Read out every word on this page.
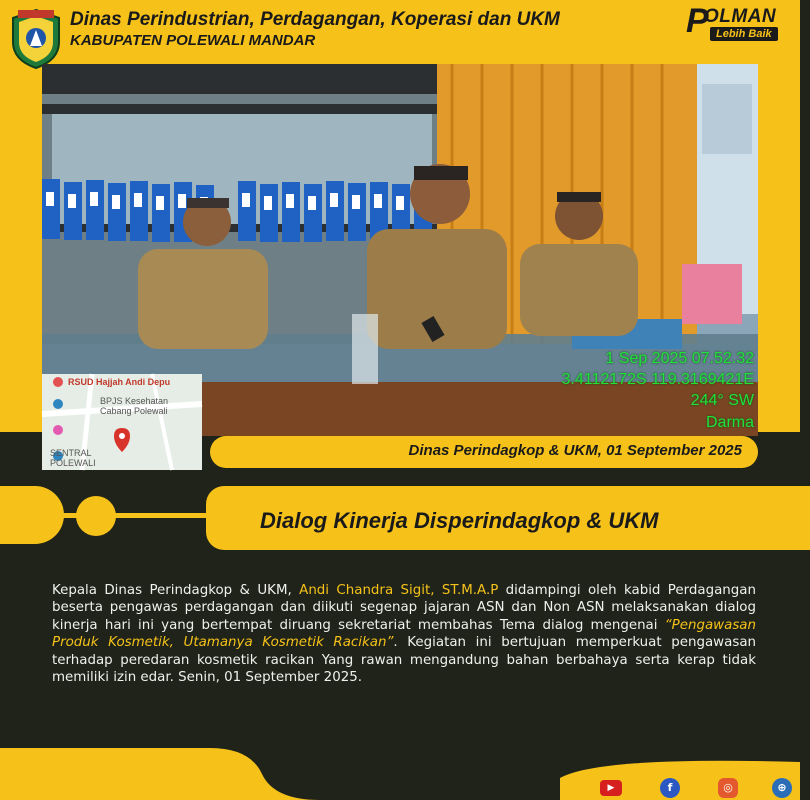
Dinas Perindustrian, Perdagangan, Koperasi dan UKM
KABUPATEN POLEWALI MANDAR
P
OLMAN
Lebih Baik
RSUD Hajjah Andi Depu
BPJS Kesehatan Cabang Polewali
SENTRAL POLEWALI
1 Sep 2025 07.52.32
3.4112172S 119.3169421E
244° SW
Darma
Dinas Perindagkop & UKM, 01 September 2025
Dialog Kinerja Disperindagkop & UKM

Kepala Dinas Perindagkop & UKM, Andi Chandra Sigit, ST.M.A.P didampingi oleh kabid Perdagangan beserta pengawas perdagangan dan diikuti segenap jajaran ASN dan Non ASN melaksanakan dialog kinerja hari ini yang bertempat diruang sekretariat membahas Tema dialog mengenai “Pengawasan Produk Kosmetik, Utamanya Kosmetik Racikan”. Kegiatan ini bertujuan memperkuat pengawasan terhadap peredaran kosmetik racikan Yang rawan mengandung bahan berbahaya serta kerap tidak memiliki izin edar. Senin, 01 September 2025.

▶	f	◎	⊕
